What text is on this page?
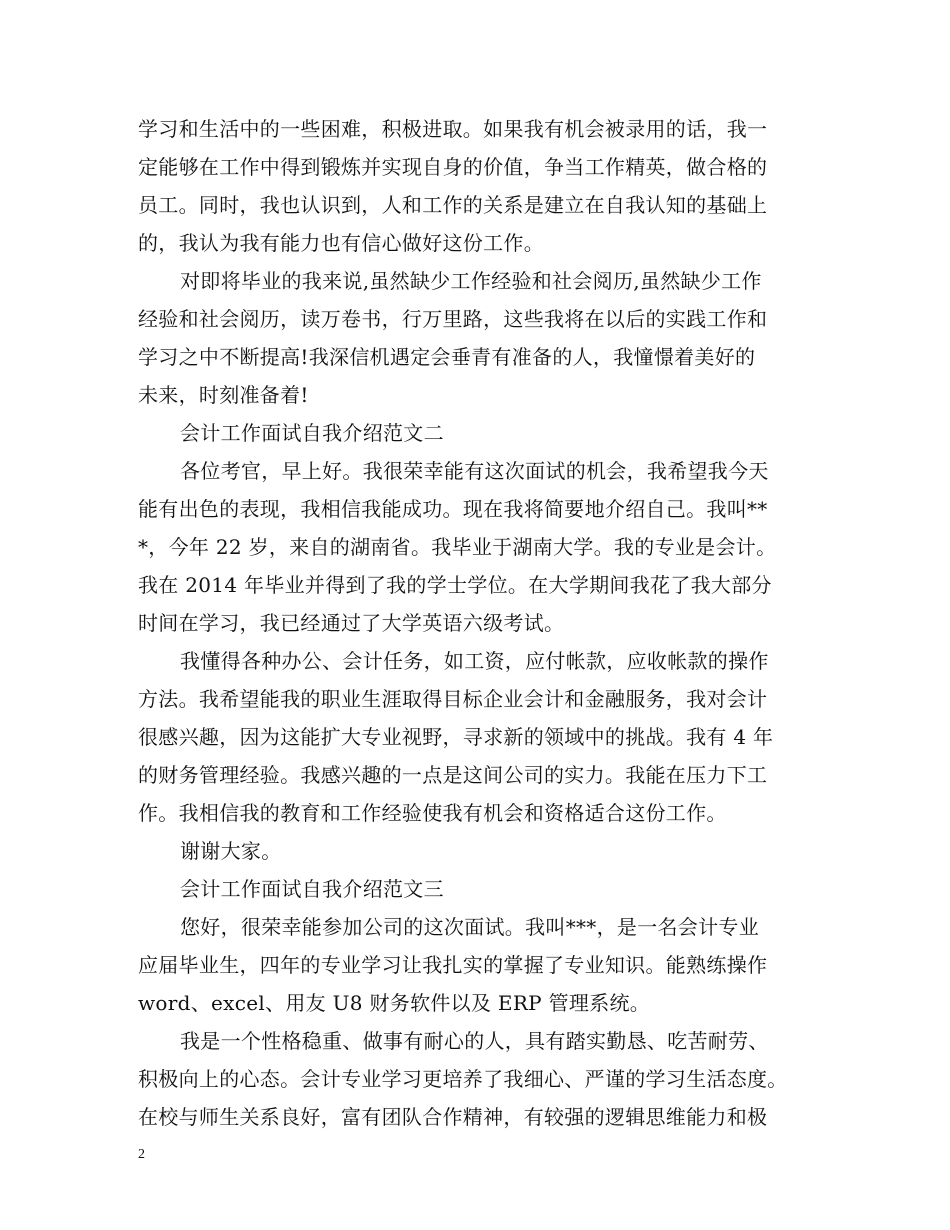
学习和生活中的一些困难，积极进取。如果我有机会被录用的话，我一
定能够在工作中得到锻炼并实现自身的价值，争当工作精英，做合格的
员工。同时，我也认识到，人和工作的关系是建立在自我认知的基础上
的，我认为我有能力也有信心做好这份工作。
对即将毕业的我来说,虽然缺少工作经验和社会阅历,虽然缺少工作
经验和社会阅历，读万卷书，行万里路，这些我将在以后的实践工作和
学习之中不断提高!我深信机遇定会垂青有准备的人，我憧憬着美好的
未来，时刻准备着!
会计工作面试自我介绍范文二
各位考官，早上好。我很荣幸能有这次面试的机会，我希望我今天
能有出色的表现，我相信我能成功。现在我将简要地介绍自己。我叫**
*，今年 22 岁，来自的湖南省。我毕业于湖南大学。我的专业是会计。
我在 2014 年毕业并得到了我的学士学位。在大学期间我花了我大部分
时间在学习，我已经通过了大学英语六级考试。
我懂得各种办公、会计任务，如工资，应付帐款，应收帐款的操作
方法。我希望能我的职业生涯取得目标企业会计和金融服务，我对会计
很感兴趣，因为这能扩大专业视野，寻求新的领域中的挑战。我有 4 年
的财务管理经验。我感兴趣的一点是这间公司的实力。我能在压力下工
作。我相信我的教育和工作经验使我有机会和资格适合这份工作。
谢谢大家。
会计工作面试自我介绍范文三
您好，很荣幸能参加公司的这次面试。我叫***，是一名会计专业
应届毕业生，四年的专业学习让我扎实的掌握了专业知识。能熟练操作
word、excel、用友 U8 财务软件以及 ERP 管理系统。
我是一个性格稳重、做事有耐心的人，具有踏实勤恳、吃苦耐劳、
积极向上的心态。会计专业学习更培养了我细心、严谨的学习生活态度。
在校与师生关系良好，富有团队合作精神，有较强的逻辑思维能力和极
2
